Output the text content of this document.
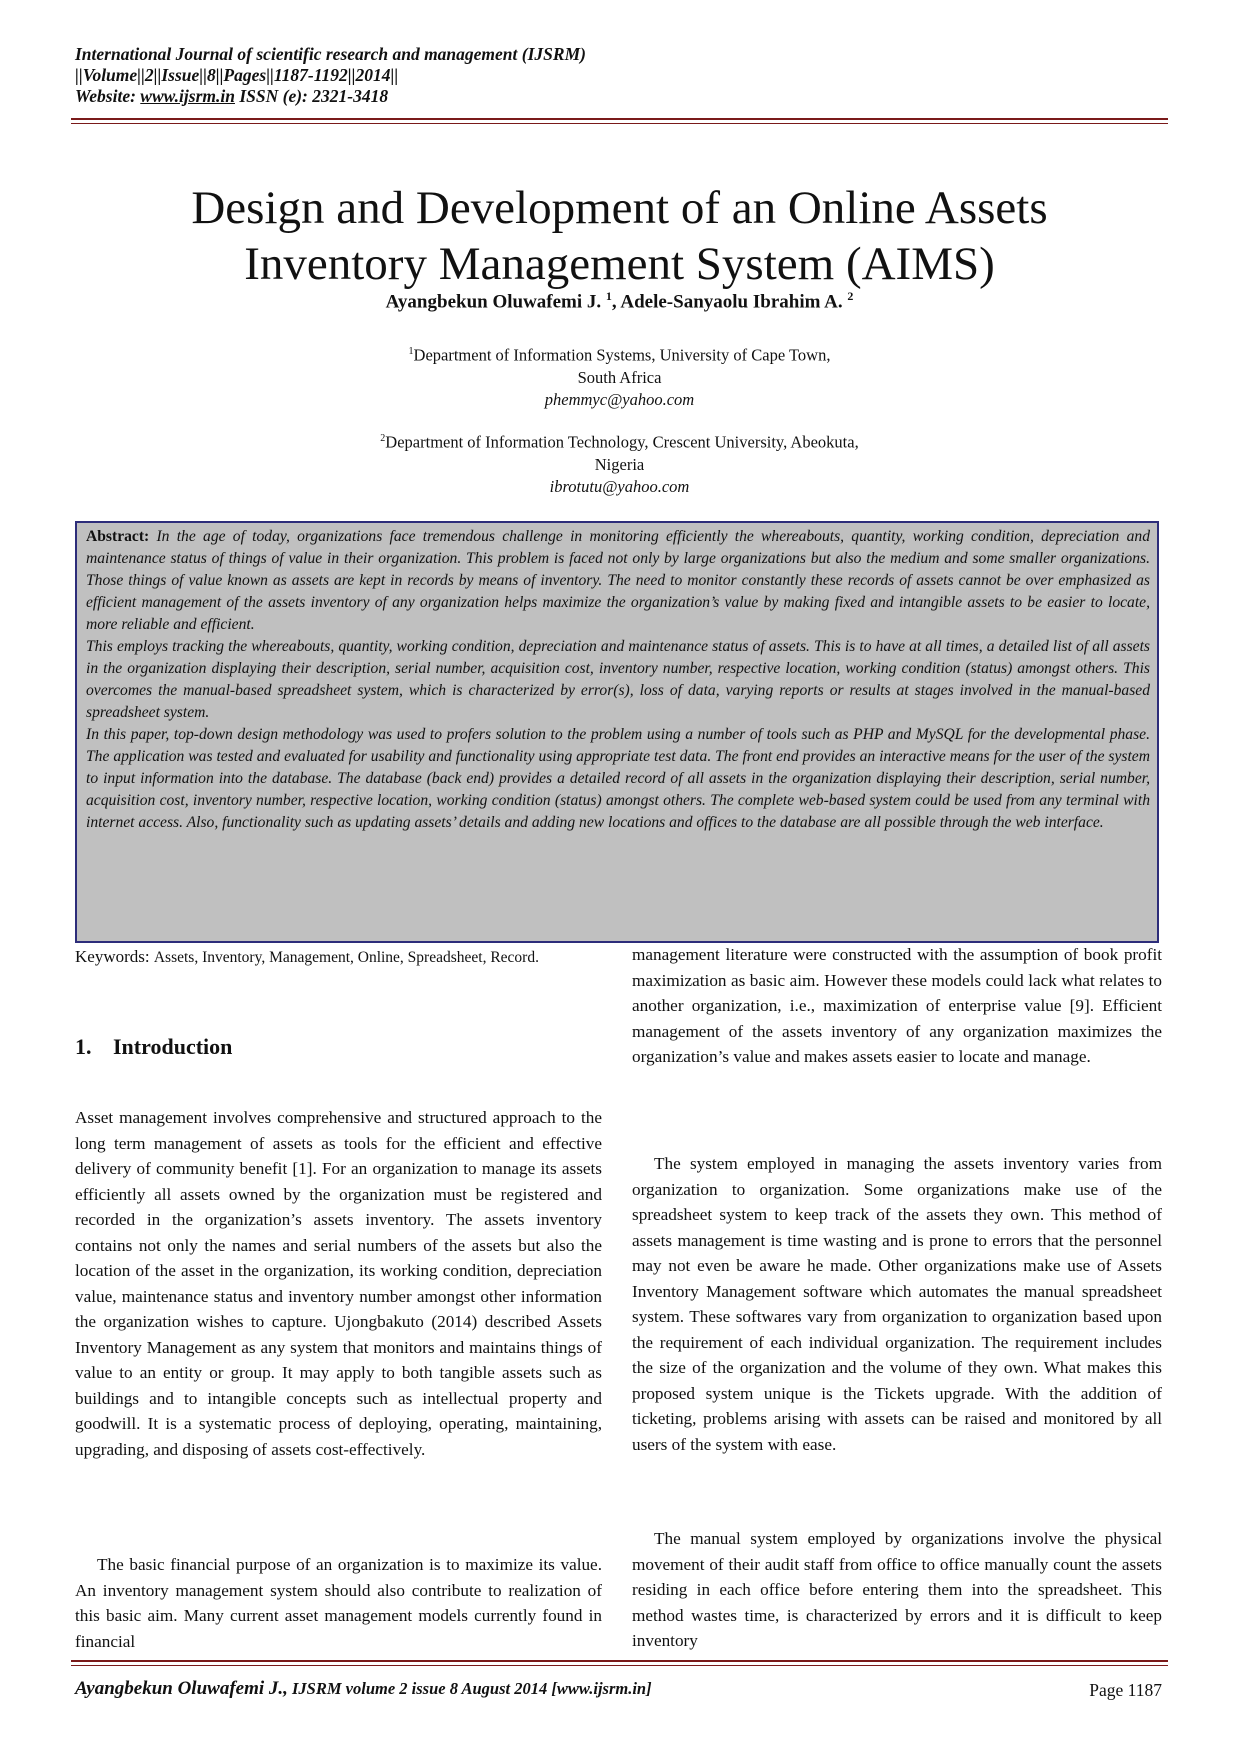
International Journal of scientific research and management (IJSRM)
||Volume||2||Issue||8||Pages||1187-1192||2014||
Website: www.ijsrm.in ISSN (e): 2321-3418
Design and Development of an Online Assets
Inventory Management System (AIMS)
Ayangbekun Oluwafemi J. $^1$, Adele-Sanyaolu Ibrahim A. $^2$
$^1$Department of Information Systems, University of Cape Town,
South Africa
phemmyc@yahoo.com
$^2$Department of Information Technology, Crescent University, Abeokuta,
Nigeria
ibrotutu@yahoo.com

Abstract: In the age of today, organizations face tremendous challenge in monitoring efficiently the whereabouts, quantity, working condition, depreciation and maintenance status of things of value in their organization. This problem is faced not only by large organizations but also the medium and some smaller organizations. Those things of value known as assets are kept in records by means of inventory. The need to monitor constantly these records of assets cannot be over emphasized as efficient management of the assets inventory of any organization helps maximize the organization’s value by making fixed and intangible assets to be easier to locate, more reliable and efficient.

This employs tracking the whereabouts, quantity, working condition, depreciation and maintenance status of assets. This is to have at all times, a detailed list of all assets in the organization displaying their description, serial number, acquisition cost, inventory number, respective location, working condition (status) amongst others. This overcomes the manual-based spreadsheet system, which is characterized by error(s), loss of data, varying reports or results at stages involved in the manual-based spreadsheet system.

In this paper, top-down design methodology was used to profers solution to the problem using a number of tools such as PHP and MySQL for the developmental phase. The application was tested and evaluated for usability and functionality using appropriate test data. The front end provides an interactive means for the user of the system to input information into the database. The database (back end) provides a detailed record of all assets in the organization displaying their description, serial number, acquisition cost, inventory number, respective location, working condition (status) amongst others. The complete web-based system could be used from any terminal with internet access. Also, functionality such as updating assets’ details and adding new locations and offices to the database are all possible through the web interface.

Keywords: Assets, Inventory, Management, Online, Spreadsheet, Record.
1. Introduction

Asset management involves comprehensive and structured approach to the long term management of assets as tools for the efficient and effective delivery of community benefit [1]. For an organization to manage its assets efficiently all assets owned by the organization must be registered and recorded in the organization’s assets inventory. The assets inventory contains not only the names and serial numbers of the assets but also the location of the asset in the organization, its working condition, depreciation value, maintenance status and inventory number amongst other information the organization wishes to capture. Ujongbakuto (2014) described Assets Inventory Management as any system that monitors and maintains things of value to an entity or group. It may apply to both tangible assets such as buildings and to intangible concepts such as intellectual property and goodwill. It is a systematic process of deploying, operating, maintaining, upgrading, and disposing of assets cost-effectively.

The basic financial purpose of an organization is to maximize its value. An inventory management system should also contribute to realization of this basic aim. Many current asset management models currently found in financial

management literature were constructed with the assumption of book profit maximization as basic aim. However these models could lack what relates to another organization, i.e., maximization of enterprise value [9]. Efficient management of the assets inventory of any organization maximizes the organization’s value and makes assets easier to locate and manage.

The system employed in managing the assets inventory varies from organization to organization. Some organizations make use of the spreadsheet system to keep track of the assets they own. This method of assets management is time wasting and is prone to errors that the personnel may not even be aware he made. Other organizations make use of Assets Inventory Management software which automates the manual spreadsheet system. These softwares vary from organization to organization based upon the requirement of each individual organization. The requirement includes the size of the organization and the volume of they own. What makes this proposed system unique is the Tickets upgrade. With the addition of ticketing, problems arising with assets can be raised and monitored by all users of the system with ease.

The manual system employed by organizations involve the physical movement of their audit staff from office to office manually count the assets residing in each office before entering them into the spreadsheet. This method wastes time, is characterized by errors and it is difficult to keep inventory

Ayangbekun Oluwafemi J., IJSRM volume 2 issue 8 August 2014 [www.ijsrm.in]	Page 1187
